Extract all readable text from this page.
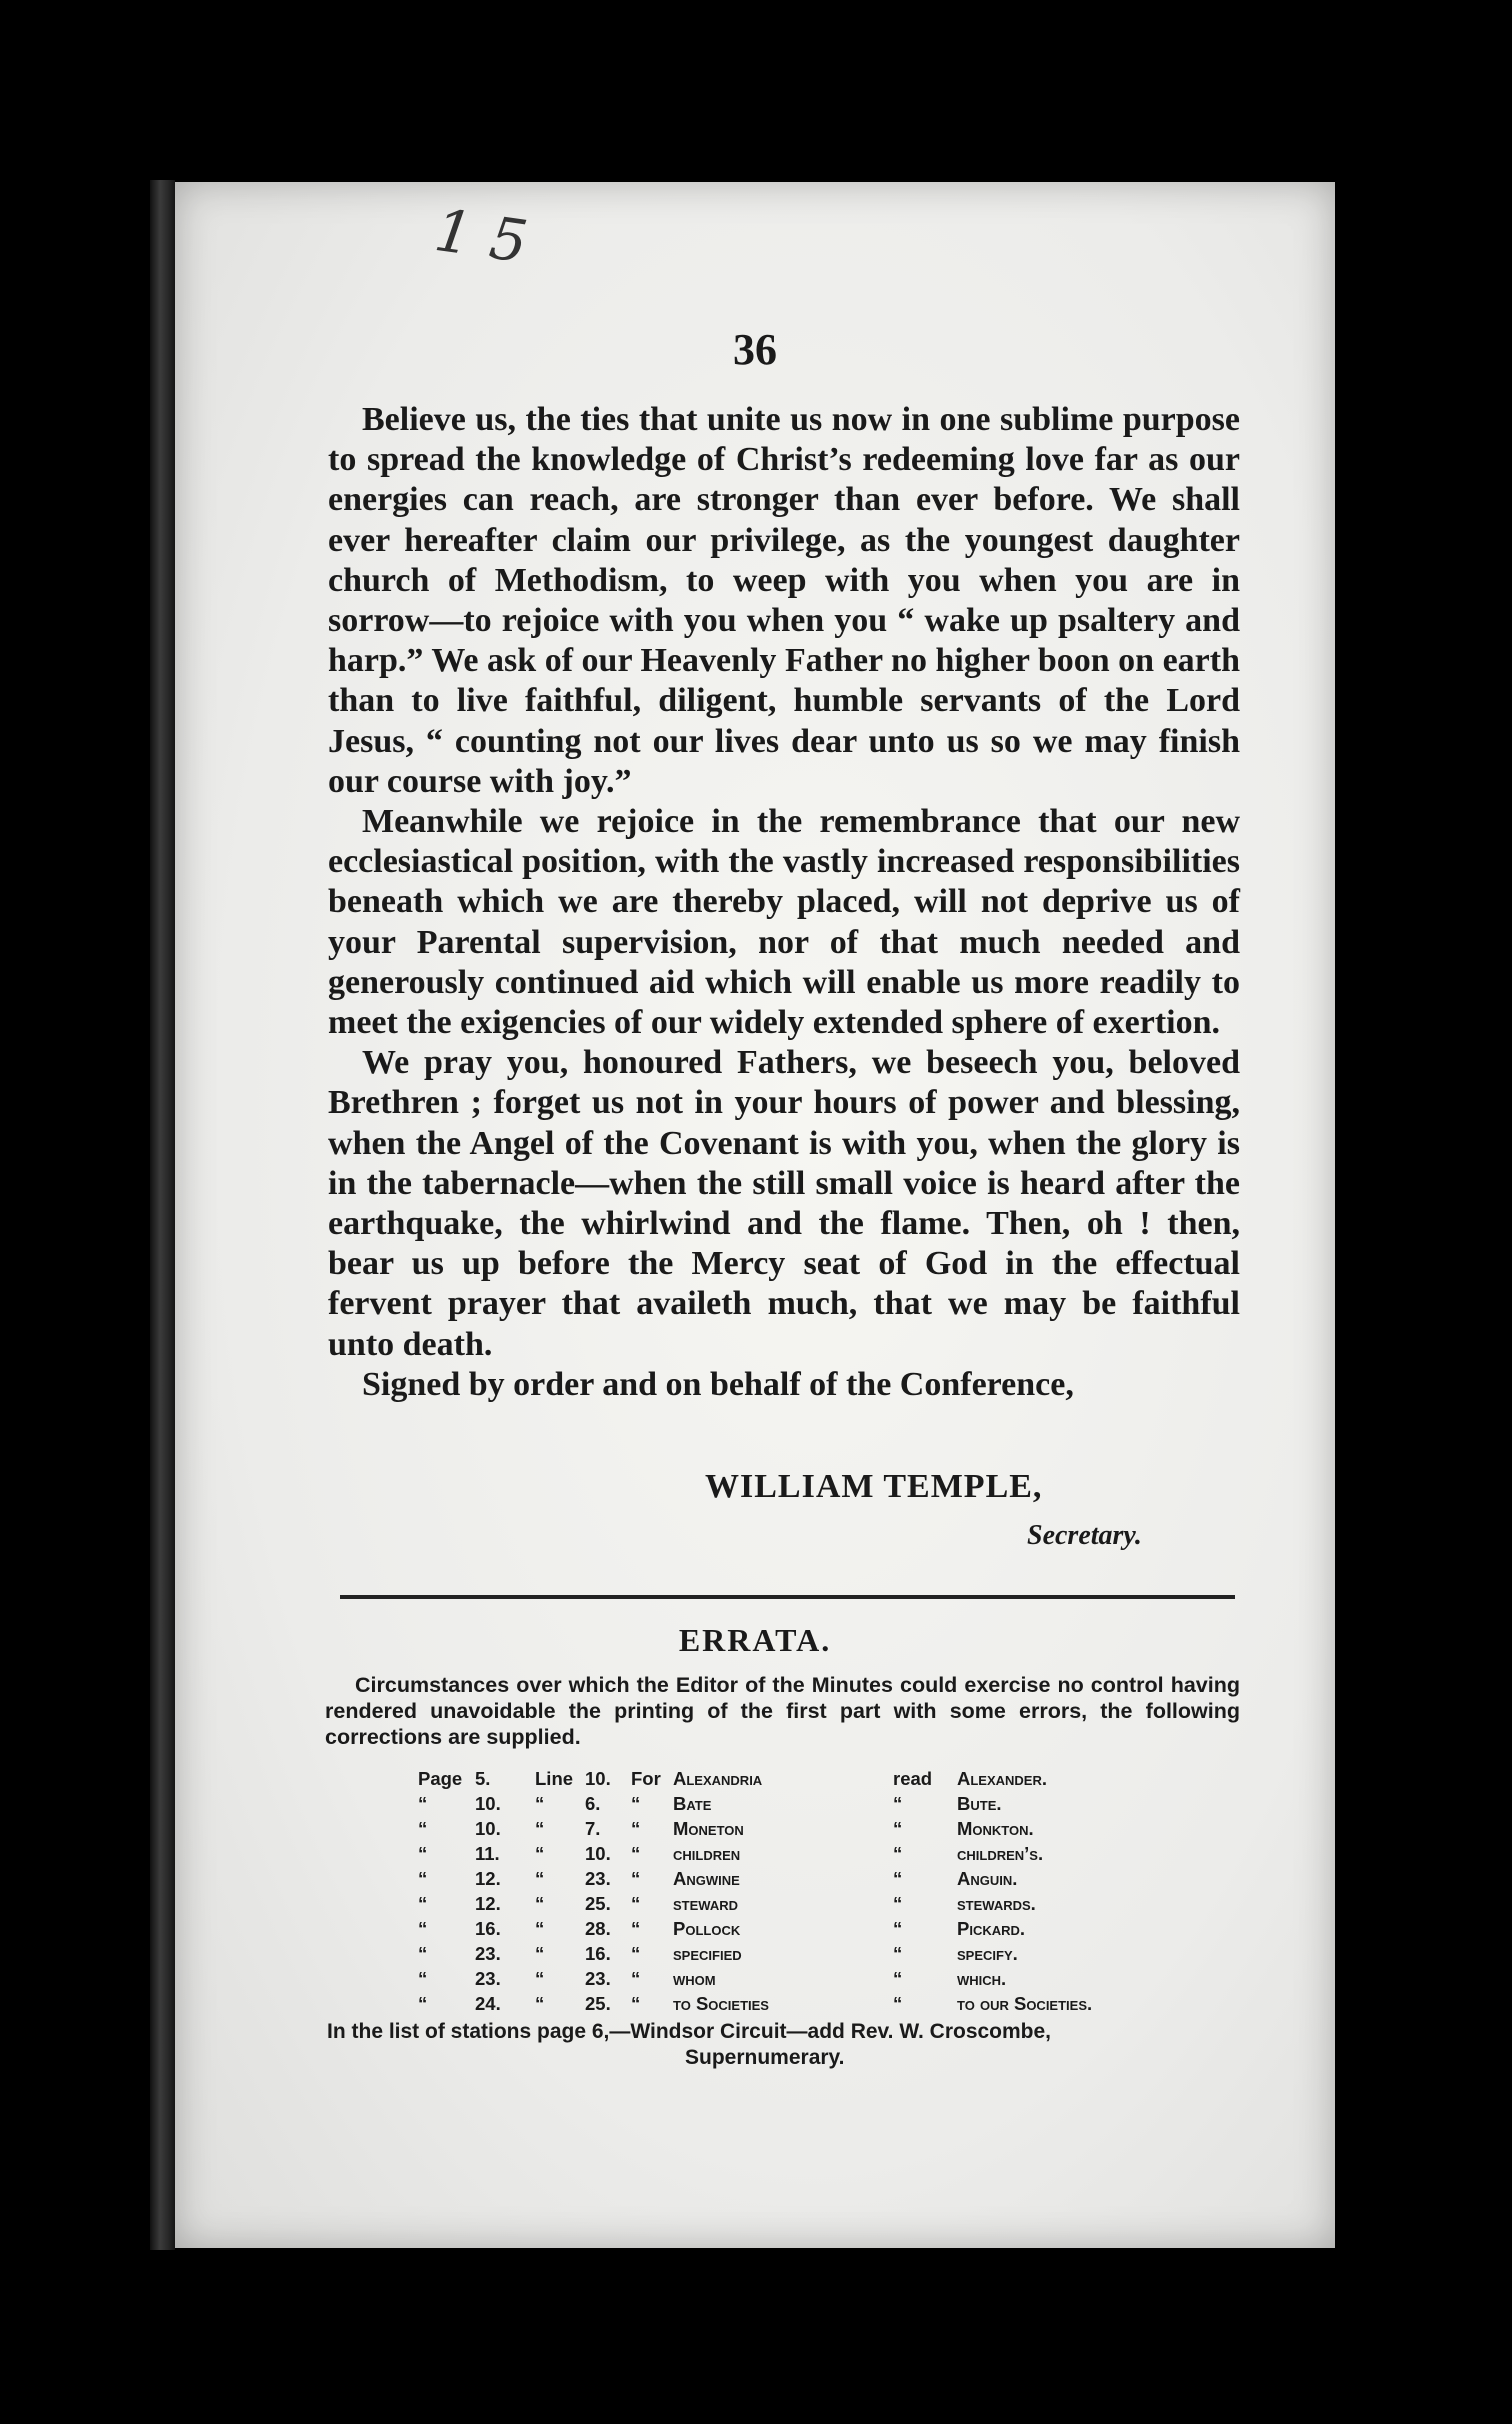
1 5
36

Believe us, the ties that unite us now in one sublime purpose to spread the knowledge of Christ’s redeeming love far as our energies can reach, are stronger than ever before. We shall ever hereafter claim our privilege, as the youngest daughter church of Methodism, to weep with you when you are in sorrow—to rejoice with you when you “ wake up psaltery and harp.” We ask of our Heavenly Father no higher boon on earth than to live faithful, diligent, humble servants of the Lord Jesus, “ counting not our lives dear unto us so we may finish our course with joy.”

Meanwhile we rejoice in the remembrance that our new ecclesiastical position, with the vastly increased responsibilities beneath which we are thereby placed, will not deprive us of your Parental supervision, nor of that much needed and generously continued aid which will enable us more readily to meet the exigencies of our widely extended sphere of exertion.

We pray you, honoured Fathers, we beseech you, beloved Brethren ; forget us not in your hours of power and blessing, when the Angel of the Covenant is with you, when the glory is in the tabernacle—when the still small voice is heard after the earthquake, the whirlwind and the flame. Then, oh ! then, bear us up before the Mercy seat of God in the effectual fervent prayer that availeth much, that we may be faithful unto death.

Signed by order and on behalf of the Conference,

WILLIAM TEMPLE,
Secretary.
ERRATA.

Circumstances over which the Editor of the Minutes could exercise no control having rendered unavoidable the printing of the first part with some errors, the following corrections are supplied.

Page	5.	Line	10.	For	Alexandria	read	Alexander.
“	10.	“	6.	“	Bate	“	Bute.
“	10.	“	7.	“	Moneton	“	Monkton.
“	11.	“	10.	“	children	“	children’s.
“	12.	“	23.	“	Angwine	“	Anguin.
“	12.	“	25.	“	steward	“	stewards.
“	16.	“	28.	“	Pollock	“	Pickard.
“	23.	“	16.	“	specified	“	specify.
“	23.	“	23.	“	whom	“	which.
“	24.	“	25.	“	to Societies	“	to our Societies.
In the list of stations page 6,—Windsor Circuit—add Rev. W. Croscombe,
Supernumerary.
